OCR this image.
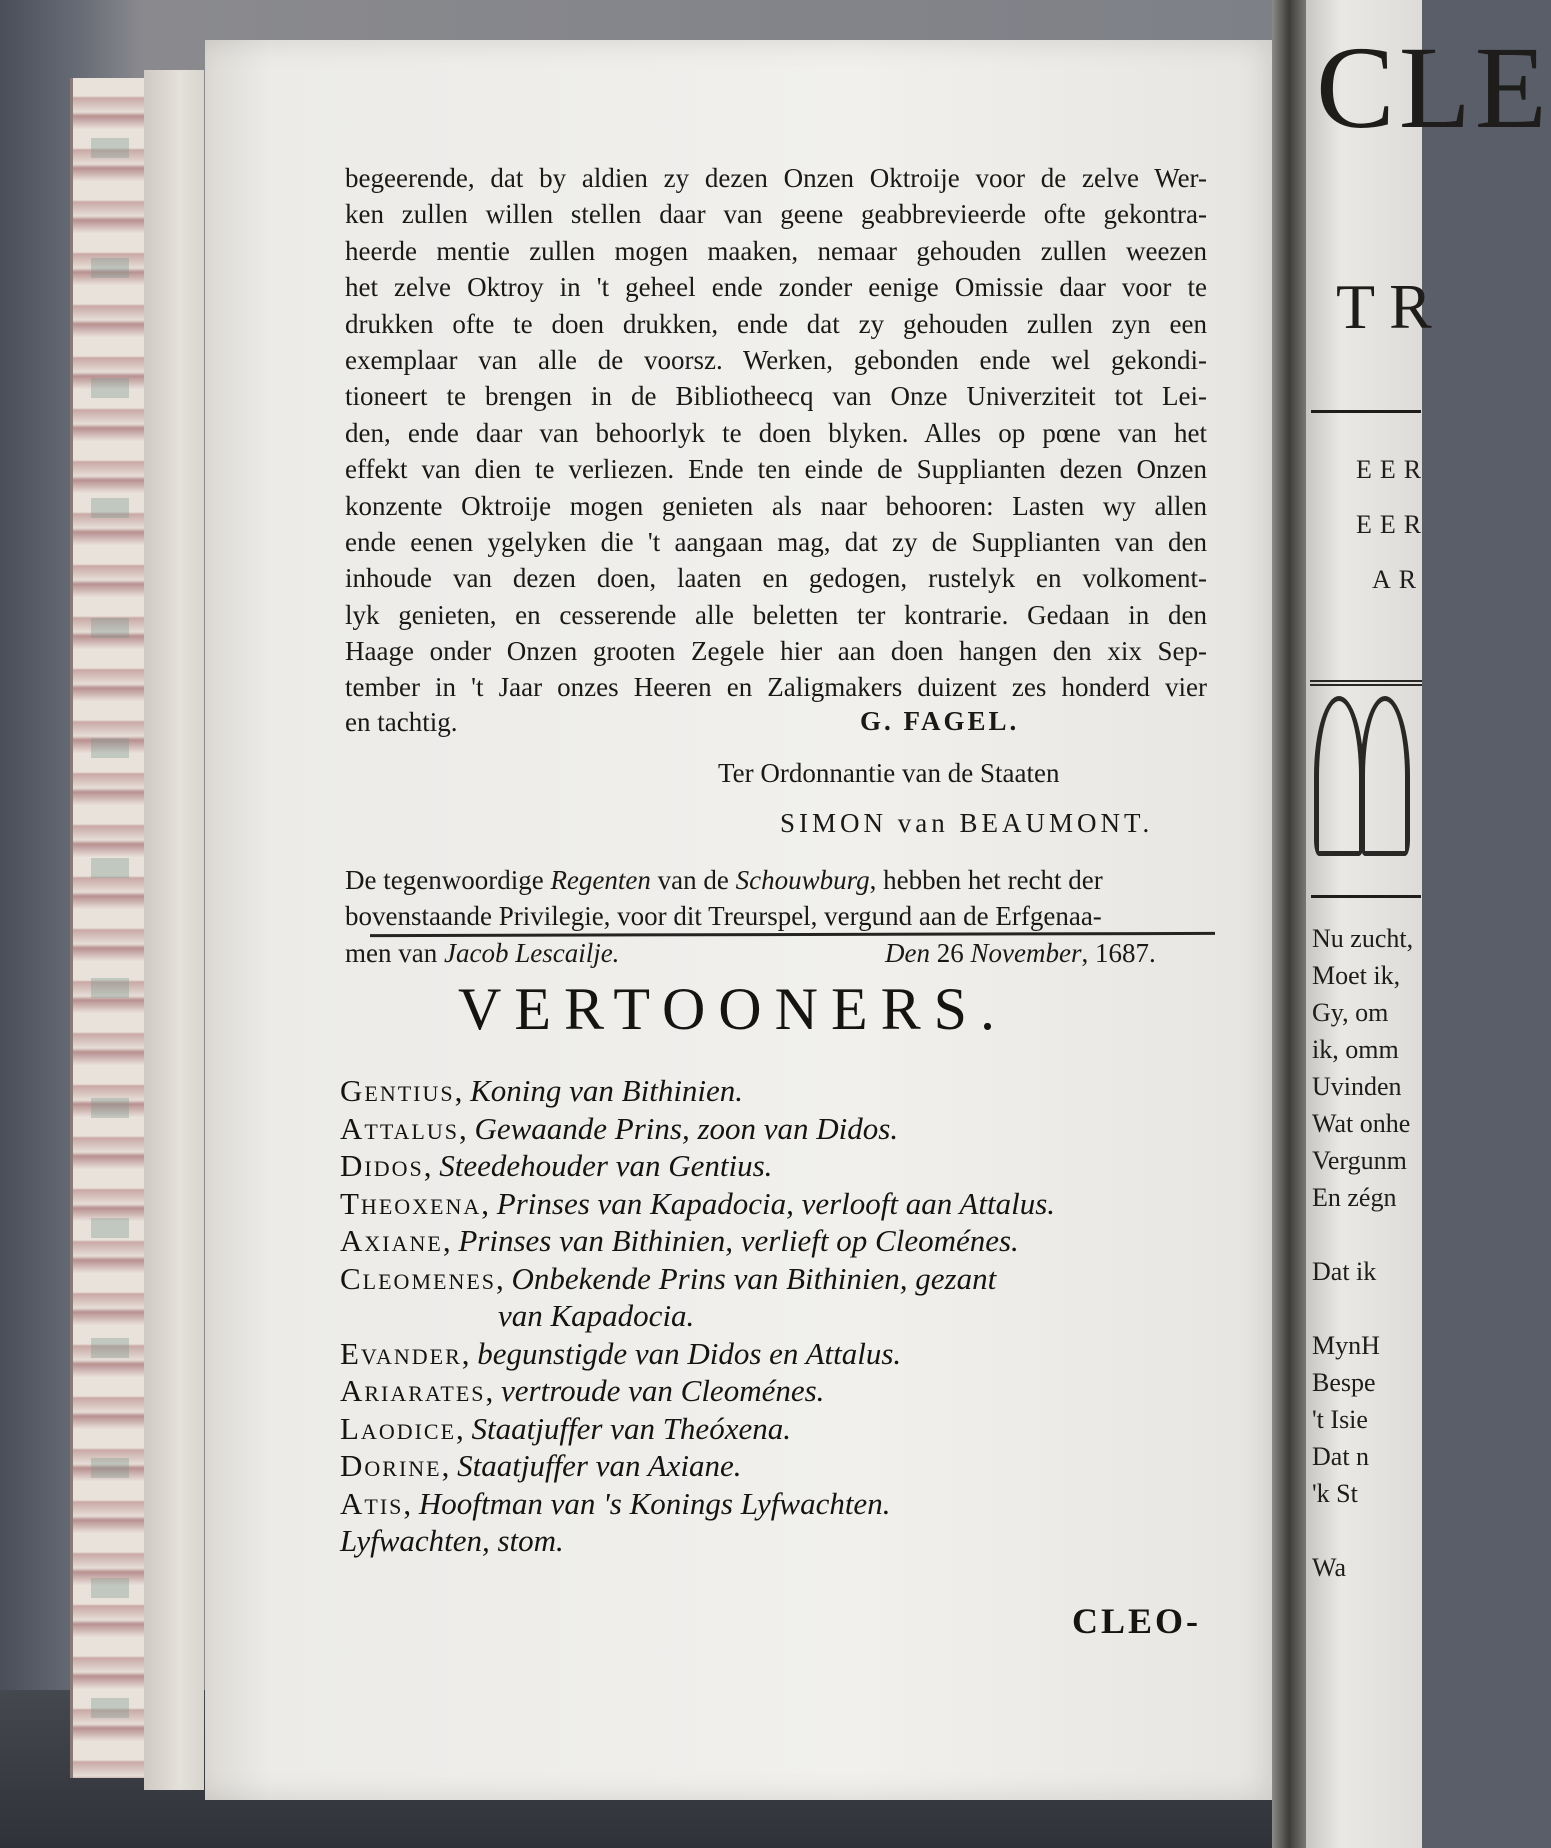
begeerende, dat by aldien zy dezen Onzen Oktroije voor de zelve Wer-
ken zullen willen stellen daar van geene geabbrevieerde ofte gekontra-
heerde mentie zullen mogen maaken, nemaar gehouden zullen weezen
het zelve Oktroy in 't geheel ende zonder eenige Omissie daar voor te
drukken ofte te doen drukken, ende dat zy gehouden zullen zyn een
exemplaar van alle de voorsz. Werken, gebonden ende wel gekondi-
tioneert te brengen in de Bibliotheecq van Onze Univerziteit tot Lei-
den, ende daar van behoorlyk te doen blyken. Alles op pœne van het
effekt van dien te verliezen. Ende ten einde de Supplianten dezen Onzen
konzente Oktroije mogen genieten als naar behooren: Lasten wy allen
ende eenen ygelyken die 't aangaan mag, dat zy de Supplianten van den
inhoude van dezen doen, laaten en gedogen, rustelyk en volkoment-
lyk genieten, en cesserende alle beletten ter kontrarie. Gedaan in den
Haage onder Onzen grooten Zegele hier aan doen hangen den xix Sep-
tember in 't Jaar onzes Heeren en Zaligmakers duizent zes honderd vier
en tachtig.	G. FAGEL.
Ter Ordonnantie van de Staaten
SIMON van BEAUMONT.
De tegenwoordige Regenten van de Schouwburg, hebben het recht der
bovenstaande Privilegie, voor dit Treurspel, vergund aan de Erfgenaa-
men van Jacob Lescailje.	Den 26 November, 1687.
VERTOONERS.
Gentius, Koning van Bithinien.
Attalus, Gewaande Prins, zoon van Didos.
Didos, Steedehouder van Gentius.
Theoxena, Prinses van Kapadocia, verlooft aan Attalus.
Axiane, Prinses van Bithinien, verlieft op Cleoménes.
Cleomenes, Onbekende Prins van Bithinien, gezant
van Kapadocia.
Evander, begunstigde van Didos en Attalus.
Ariarates, vertroude van Cleoménes.
Laodice, Staatjuffer van Theóxena.
Dorine, Staatjuffer van Axiane.
Atis, Hooftman van 's Konings Lyfwachten.
Lyfwachten, stom.
CLEO-
CLE
TR
EER
EER
AR
Nu zucht,
Moet ik,
Gy, om
ik, omm
Uvinden
Wat onhe
Vergunm
En zégn
Dat ik
MynH
Bespe
't Isie
Dat n
'k St
Wa
